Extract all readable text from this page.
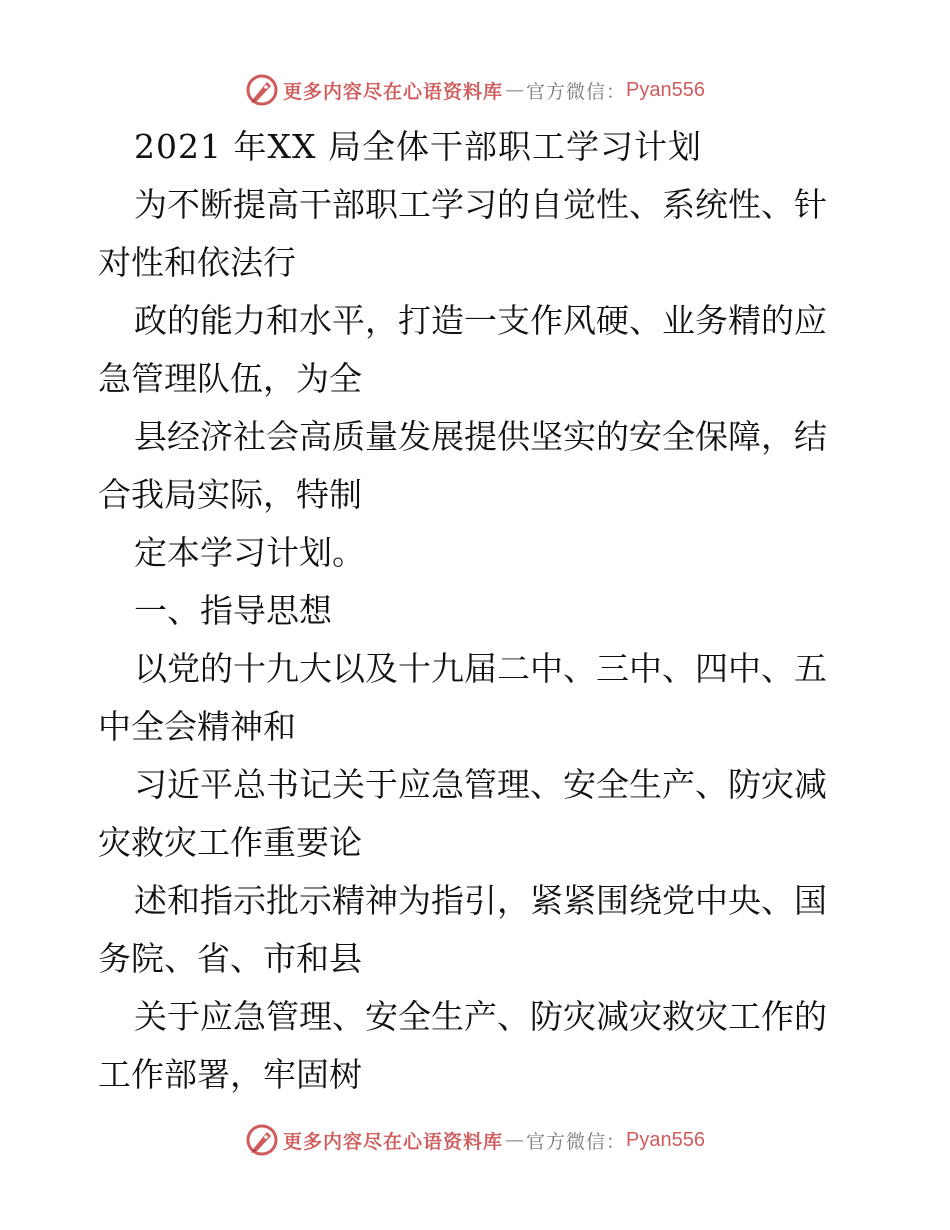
更多内容尽在心语资料库 — 官方微信： Pyan556
2021 年XX 局全体干部职工学习计划
为不断提高干部职工学习的自觉性、系统性、针
对性和依法行
政的能力和水平，打造一支作风硬、业务精的应
急管理队伍，为全
县经济社会高质量发展提供坚实的安全保障，结
合我局实际，特制
定本学习计划。
一、指导思想
以党的十九大以及十九届二中、三中、四中、五
中全会精神和
习近平总书记关于应急管理、安全生产、防灾减
灾救灾工作重要论
述和指示批示精神为指引，紧紧围绕党中央、国
务院、省、市和县
关于应急管理、安全生产、防灾减灾救灾工作的
工作部署，牢固树
更多内容尽在心语资料库 — 官方微信： Pyan556
